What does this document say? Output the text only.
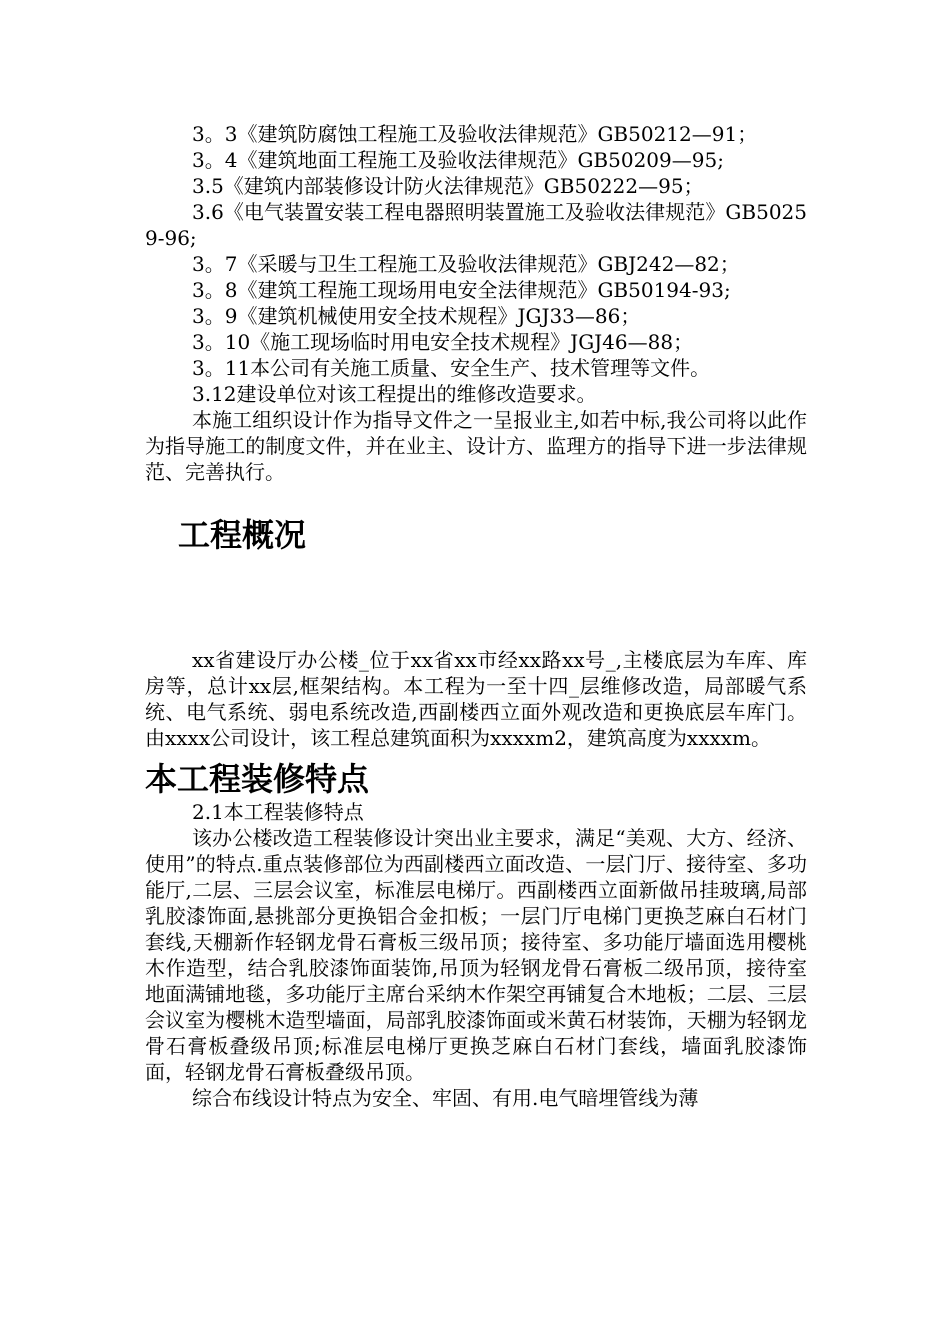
3。3《建筑防腐蚀工程施工及验收法律规范》GB50212—91；

3。4《建筑地面工程施工及验收法律规范》GB50209—95;

3.5《建筑内部装修设计防火法律规范》GB50222—95；

3.6《电气装置安装工程电器照明装置施工及验收法律规范》GB50259-96;

3。7《采暖与卫生工程施工及验收法律规范》GBJ242—82；

3。8《建筑工程施工现场用电安全法律规范》GB50194-93;

3。9《建筑机械使用安全技术规程》JGJ33—86；

3。10《施工现场临时用电安全技术规程》JGJ46—88；

3。11本公司有关施工质量、安全生产、技术管理等文件。

3.12建设单位对该工程提出的维修改造要求。

本施工组织设计作为指导文件之一呈报业主,如若中标,我公司将以此作为指导施工的制度文件，并在业主、设计方、监理方的指导下进一步法律规范、完善执行。

工程概况

xx省建设厅办公楼_位于xx省xx市经xx路xx号_,主楼底层为车库、库房等，总计xx层,框架结构。本工程为一至十四_层维修改造，局部暖气系统、电气系统、弱电系统改造,西副楼西立面外观改造和更换底层车库门。由xxxx公司设计，该工程总建筑面积为xxxxm2，建筑高度为xxxxm。

本工程装修特点

2.1本工程装修特点

该办公楼改造工程装修设计突出业主要求，满足“美观、大方、经济、使用”的特点.重点装修部位为西副楼西立面改造、一层门厅、接待室、多功能厅,二层、三层会议室，标准层电梯厅。西副楼西立面新做吊挂玻璃,局部乳胶漆饰面,悬挑部分更换铝合金扣板；一层门厅电梯门更换芝麻白石材门套线,天棚新作轻钢龙骨石膏板三级吊顶；接待室、多功能厅墙面选用樱桃木作造型，结合乳胶漆饰面装饰,吊顶为轻钢龙骨石膏板二级吊顶，接待室地面满铺地毯，多功能厅主席台采纳木作架空再铺复合木地板；二层、三层会议室为樱桃木造型墙面，局部乳胶漆饰面或米黄石材装饰，天棚为轻钢龙骨石膏板叠级吊顶;标准层电梯厅更换芝麻白石材门套线，墙面乳胶漆饰面，轻钢龙骨石膏板叠级吊顶。

综合布线设计特点为安全、牢固、有用.电气暗埋管线为薄
